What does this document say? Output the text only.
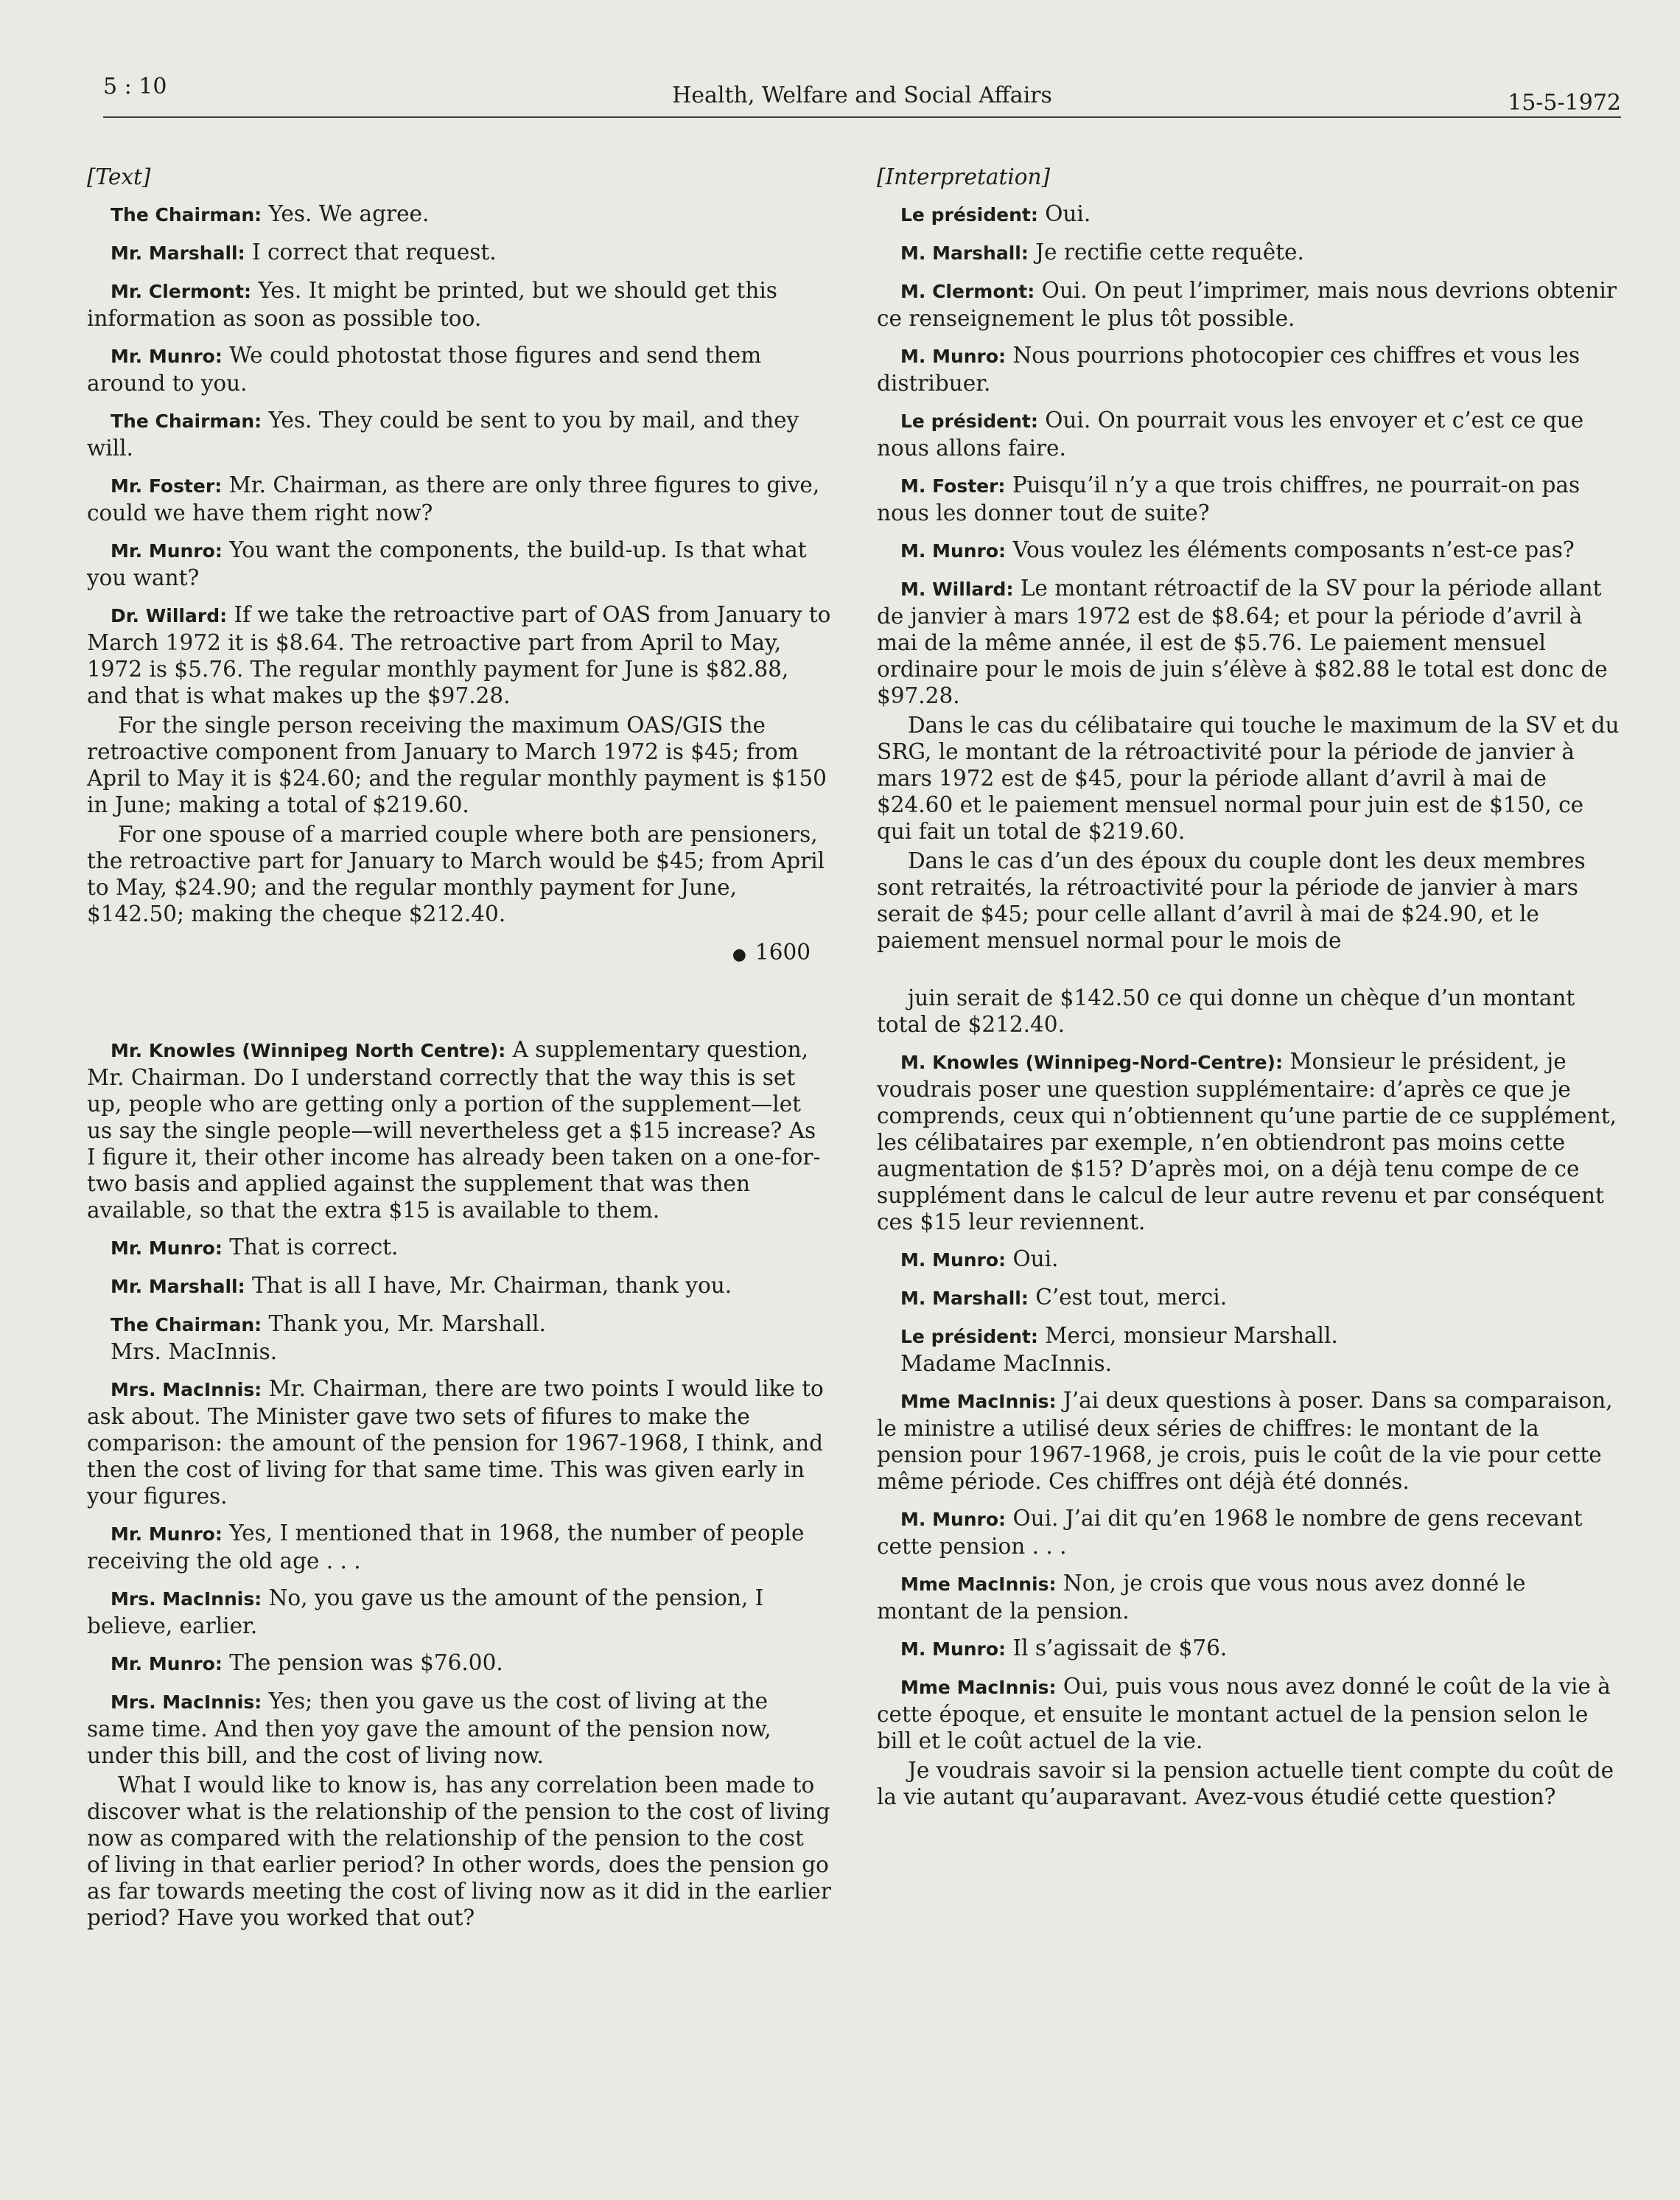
5 : 10	Health, Welfare and Social Affairs	15-5-1972
[Text]

The Chairman: Yes. We agree.

Mr. Marshall: I correct that request.

Mr. Clermont: Yes. It might be printed, but we should get this information as soon as possible too.

Mr. Munro: We could photostat those figures and send them around to you.

The Chairman: Yes. They could be sent to you by mail, and they will.

Mr. Foster: Mr. Chairman, as there are only three figures to give, could we have them right now?

Mr. Munro: You want the components, the build-up. Is that what you want?

Dr. Willard: If we take the retroactive part of OAS from January to March 1972 it is $8.64. The retroactive part from April to May, 1972 is $5.76. The regular monthly payment for June is $82.88, and that is what makes up the $97.28.

For the single person receiving the maximum OAS/GIS the retroactive component from January to March 1972 is $45; from April to May it is $24.60; and the regular monthly payment is $150 in June; making a total of $219.60.

For one spouse of a married couple where both are pensioners, the retroactive part for January to March would be $45; from April to May, $24.90; and the regular monthly payment for June, $142.50; making the cheque $212.40.

● 1600

Mr. Knowles (Winnipeg North Centre): A supplementary question, Mr. Chairman. Do I understand correctly that the way this is set up, people who are getting only a portion of the supplement—let us say the single people—will nevertheless get a $15 increase? As I figure it, their other income has already been taken on a one-for-two basis and applied against the supplement that was then available, so that the extra $15 is available to them.

Mr. Munro: That is correct.

Mr. Marshall: That is all I have, Mr. Chairman, thank you.

The Chairman: Thank you, Mr. Marshall.
Mrs. MacInnis.

Mrs. MacInnis: Mr. Chairman, there are two points I would like to ask about. The Minister gave two sets of fifures to make the comparison: the amount of the pension for 1967-1968, I think, and then the cost of living for that same time. This was given early in your figures.

Mr. Munro: Yes, I mentioned that in 1968, the number of people receiving the old age . . .

Mrs. MacInnis: No, you gave us the amount of the pension, I believe, earlier.

Mr. Munro: The pension was $76.00.

Mrs. MacInnis: Yes; then you gave us the cost of living at the same time. And then yoy gave the amount of the pension now, under this bill, and the cost of living now.

What I would like to know is, has any correlation been made to discover what is the relationship of the pension to the cost of living now as compared with the relationship of the pension to the cost of living in that earlier period? In other words, does the pension go as far towards meeting the cost of living now as it did in the earlier period? Have you worked that out?

[Interpretation]

Le président: Oui.

M. Marshall: Je rectifie cette requête.

M. Clermont: Oui. On peut l’imprimer, mais nous devrions obtenir ce renseignement le plus tôt possible.

M. Munro: Nous pourrions photocopier ces chiffres et vous les distribuer.

Le président: Oui. On pourrait vous les envoyer et c’est ce que nous allons faire.

M. Foster: Puisqu’il n’y a que trois chiffres, ne pourrait-on pas nous les donner tout de suite?

M. Munro: Vous voulez les éléments composants n’est-ce pas?

M. Willard: Le montant rétroactif de la SV pour la période allant de janvier à mars 1972 est de $8.64; et pour la période d’avril à mai de la même année, il est de $5.76. Le paiement mensuel ordinaire pour le mois de juin s’élève à $82.88 le total est donc de $97.28.

Dans le cas du célibataire qui touche le maximum de la SV et du SRG, le montant de la rétroactivité pour la période de janvier à mars 1972 est de $45, pour la période allant d’avril à mai de $24.60 et le paiement mensuel normal pour juin est de $150, ce qui fait un total de $219.60.

Dans le cas d’un des époux du couple dont les deux membres sont retraités, la rétroactivité pour la période de janvier à mars serait de $45; pour celle allant d’avril à mai de $24.90, et le paiement mensuel normal pour le mois de

juin serait de $142.50 ce qui donne un chèque d’un montant total de $212.40.

M. Knowles (Winnipeg-Nord-Centre): Monsieur le président, je voudrais poser une question supplémentaire: d’après ce que je comprends, ceux qui n’obtiennent qu’une partie de ce supplément, les célibataires par exemple, n’en obtiendront pas moins cette augmentation de $15? D’après moi, on a déjà tenu compe de ce supplément dans le calcul de leur autre revenu et par conséquent ces $15 leur reviennent.

M. Munro: Oui.

M. Marshall: C’est tout, merci.

Le président: Merci, monsieur Marshall.
Madame MacInnis.

Mme MacInnis: J’ai deux questions à poser. Dans sa comparaison, le ministre a utilisé deux séries de chiffres: le montant de la pension pour 1967-1968, je crois, puis le coût de la vie pour cette même période. Ces chiffres ont déjà été donnés.

M. Munro: Oui. J’ai dit qu’en 1968 le nombre de gens recevant cette pension . . .

Mme MacInnis: Non, je crois que vous nous avez donné le montant de la pension.

M. Munro: Il s’agissait de $76.

Mme MacInnis: Oui, puis vous nous avez donné le coût de la vie à cette époque, et ensuite le montant actuel de la pension selon le bill et le coût actuel de la vie.

Je voudrais savoir si la pension actuelle tient compte du coût de la vie autant qu’auparavant. Avez-vous étudié cette question?
